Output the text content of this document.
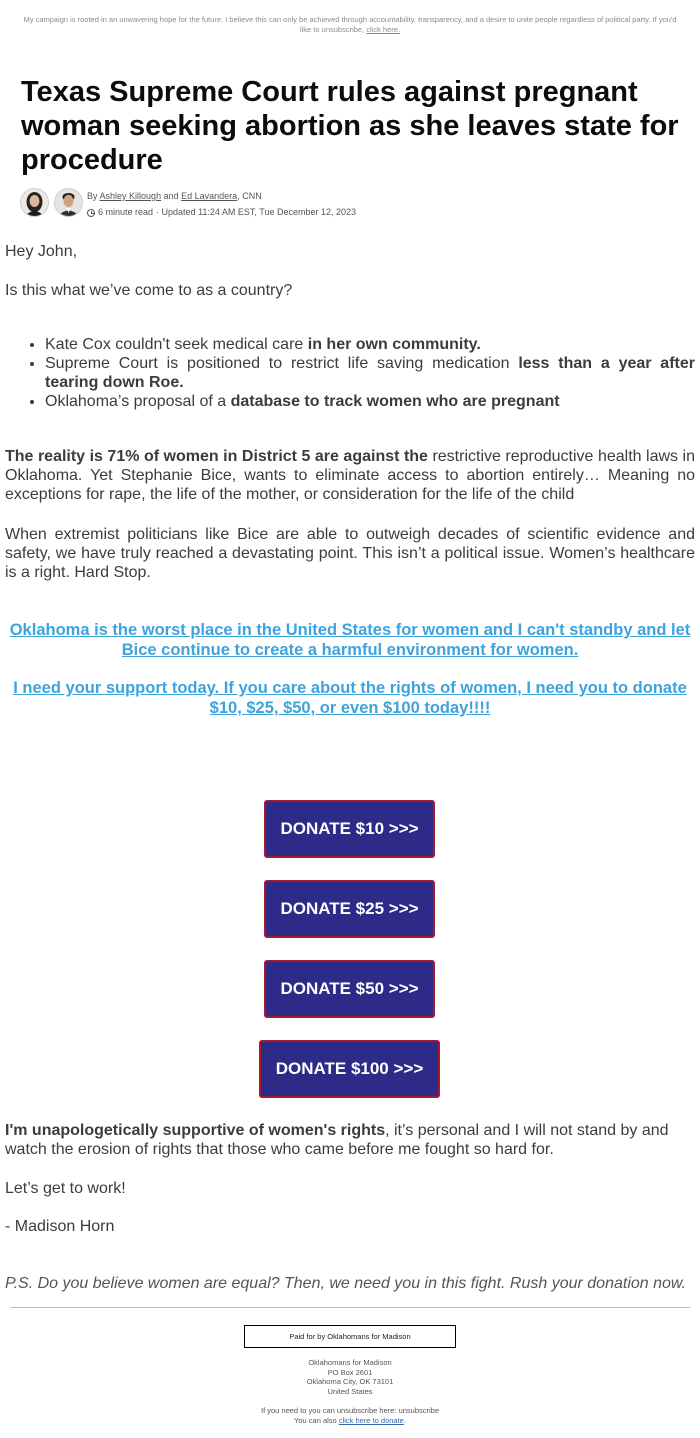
My campaign is rooted in an unwavering hope for the future. I believe this can only be achieved through accountability, transparency, and a desire to unite people regardless of political party. If you'd like to unsubscribe, click here.
Texas Supreme Court rules against pregnant woman seeking abortion as she leaves state for procedure
By Ashley Killough and Ed Lavandera, CNN
6 minute read · Updated 11:24 AM EST, Tue December 12, 2023

Hey John,

Is this what we’ve come to as a country?

• Kate Cox couldn't seek medical care in her own community.
• Supreme Court is positioned to restrict life saving medication less than a year after tearing down Roe.
• Oklahoma’s proposal of a database to track women who are pregnant

The reality is 71% of women in District 5 are against the restrictive reproductive health laws in Oklahoma. Yet Stephanie Bice, wants to eliminate access to abortion entirely… Meaning no exceptions for rape, the life of the mother, or consideration for the life of the child

When extremist politicians like Bice are able to outweigh decades of scientific evidence and safety, we have truly reached a devastating point. This isn’t a political issue. Women’s healthcare is a right. Hard Stop.

Oklahoma is the worst place in the United States for women and I can't standby and let Bice continue to create a harmful environment for women.

I need your support today. If you care about the rights of women, I need you to donate $10, $25, $50, or even $100 today!!!!

DONATE $10 >>>
DONATE $25 >>>
DONATE $50 >>>
DONATE $100 >>>

I'm unapologetically supportive of women's rights, it’s personal and I will not stand by and watch the erosion of rights that those who came before me fought so hard for.

Let’s get to work!

- Madison Horn

P.S. Do you believe women are equal? Then, we need you in this fight. Rush your donation now.

Paid for by Oklahomans for Madison
Oklahomans for Madison
PO Box 2601
Oklahoma City, OK 73101
United States
If you need to you can unsubscribe here: unsubscribe
You can also click here to donate.
